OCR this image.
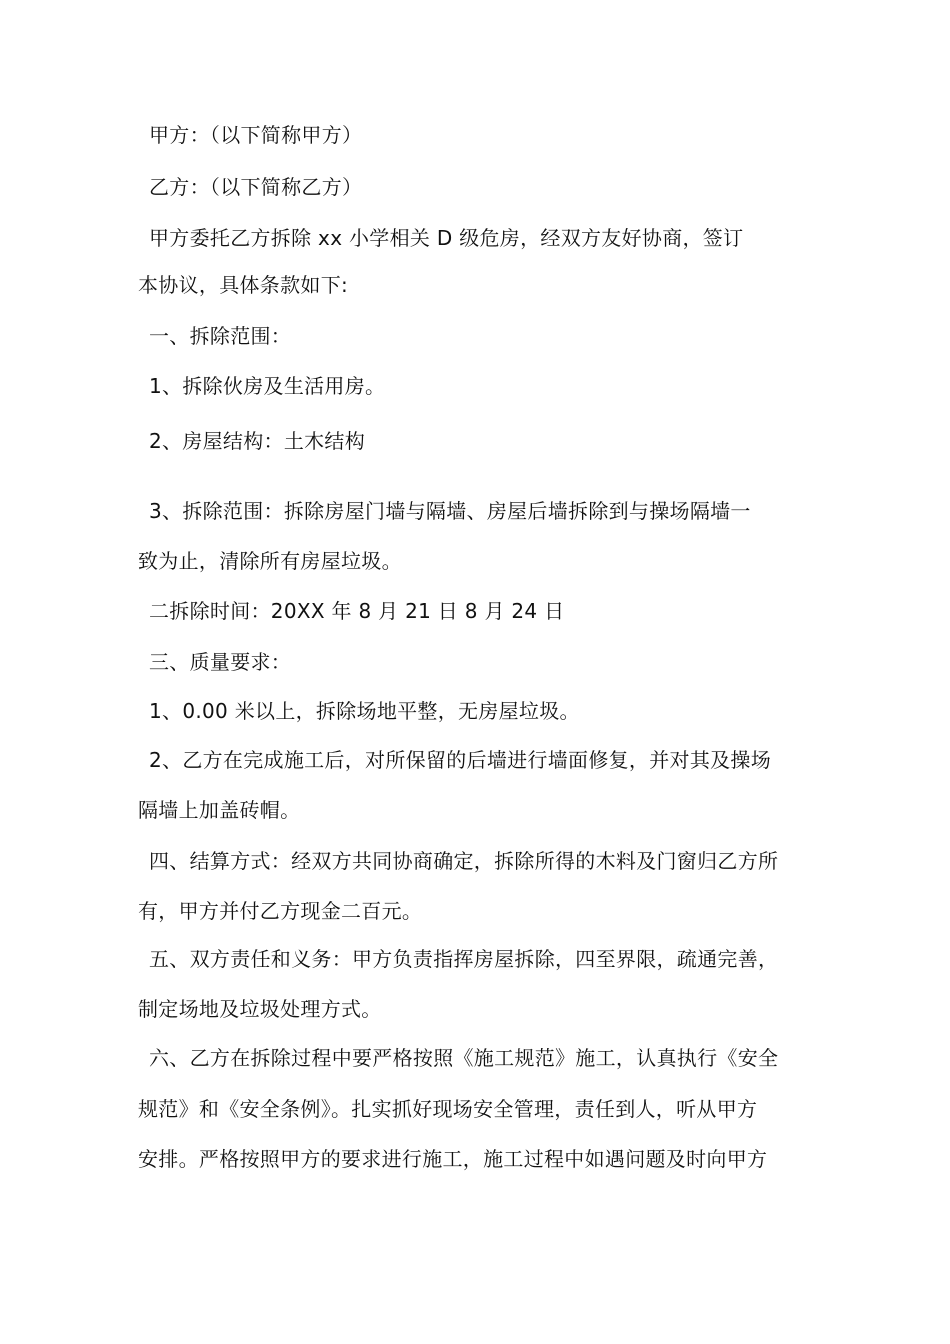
甲方：（以下简称甲方）
乙方：（以下简称乙方）
甲方委托乙方拆除 xx 小学相关 D 级危房，经双方友好协商，签订
本协议，具体条款如下:
一、拆除范围：
1、拆除伙房及生活用房。
2、房屋结构：土木结构
3、拆除范围：拆除房屋门墙与隔墙、房屋后墙拆除到与操场隔墙一
致为止，清除所有房屋垃圾。
二拆除时间：20XX 年 8 月 21 日 8 月 24 日
三、质量要求：
1、0.00 米以上，拆除场地平整，无房屋垃圾。
2、乙方在完成施工后，对所保留的后墙进行墙面修复，并对其及操场
隔墙上加盖砖帽。
四、结算方式：经双方共同协商确定，拆除所得的木料及门窗归乙方所
有，甲方并付乙方现金二百元。
五、双方责任和义务：甲方负责指挥房屋拆除，四至界限，疏通完善，
制定场地及垃圾处理方式。
六、乙方在拆除过程中要严格按照《施工规范》施工，认真执行《安全
规范》和《安全条例》。扎实抓好现场安全管理，责任到人，听从甲方
安排。严格按照甲方的要求进行施工，施工过程中如遇问题及时向甲方
